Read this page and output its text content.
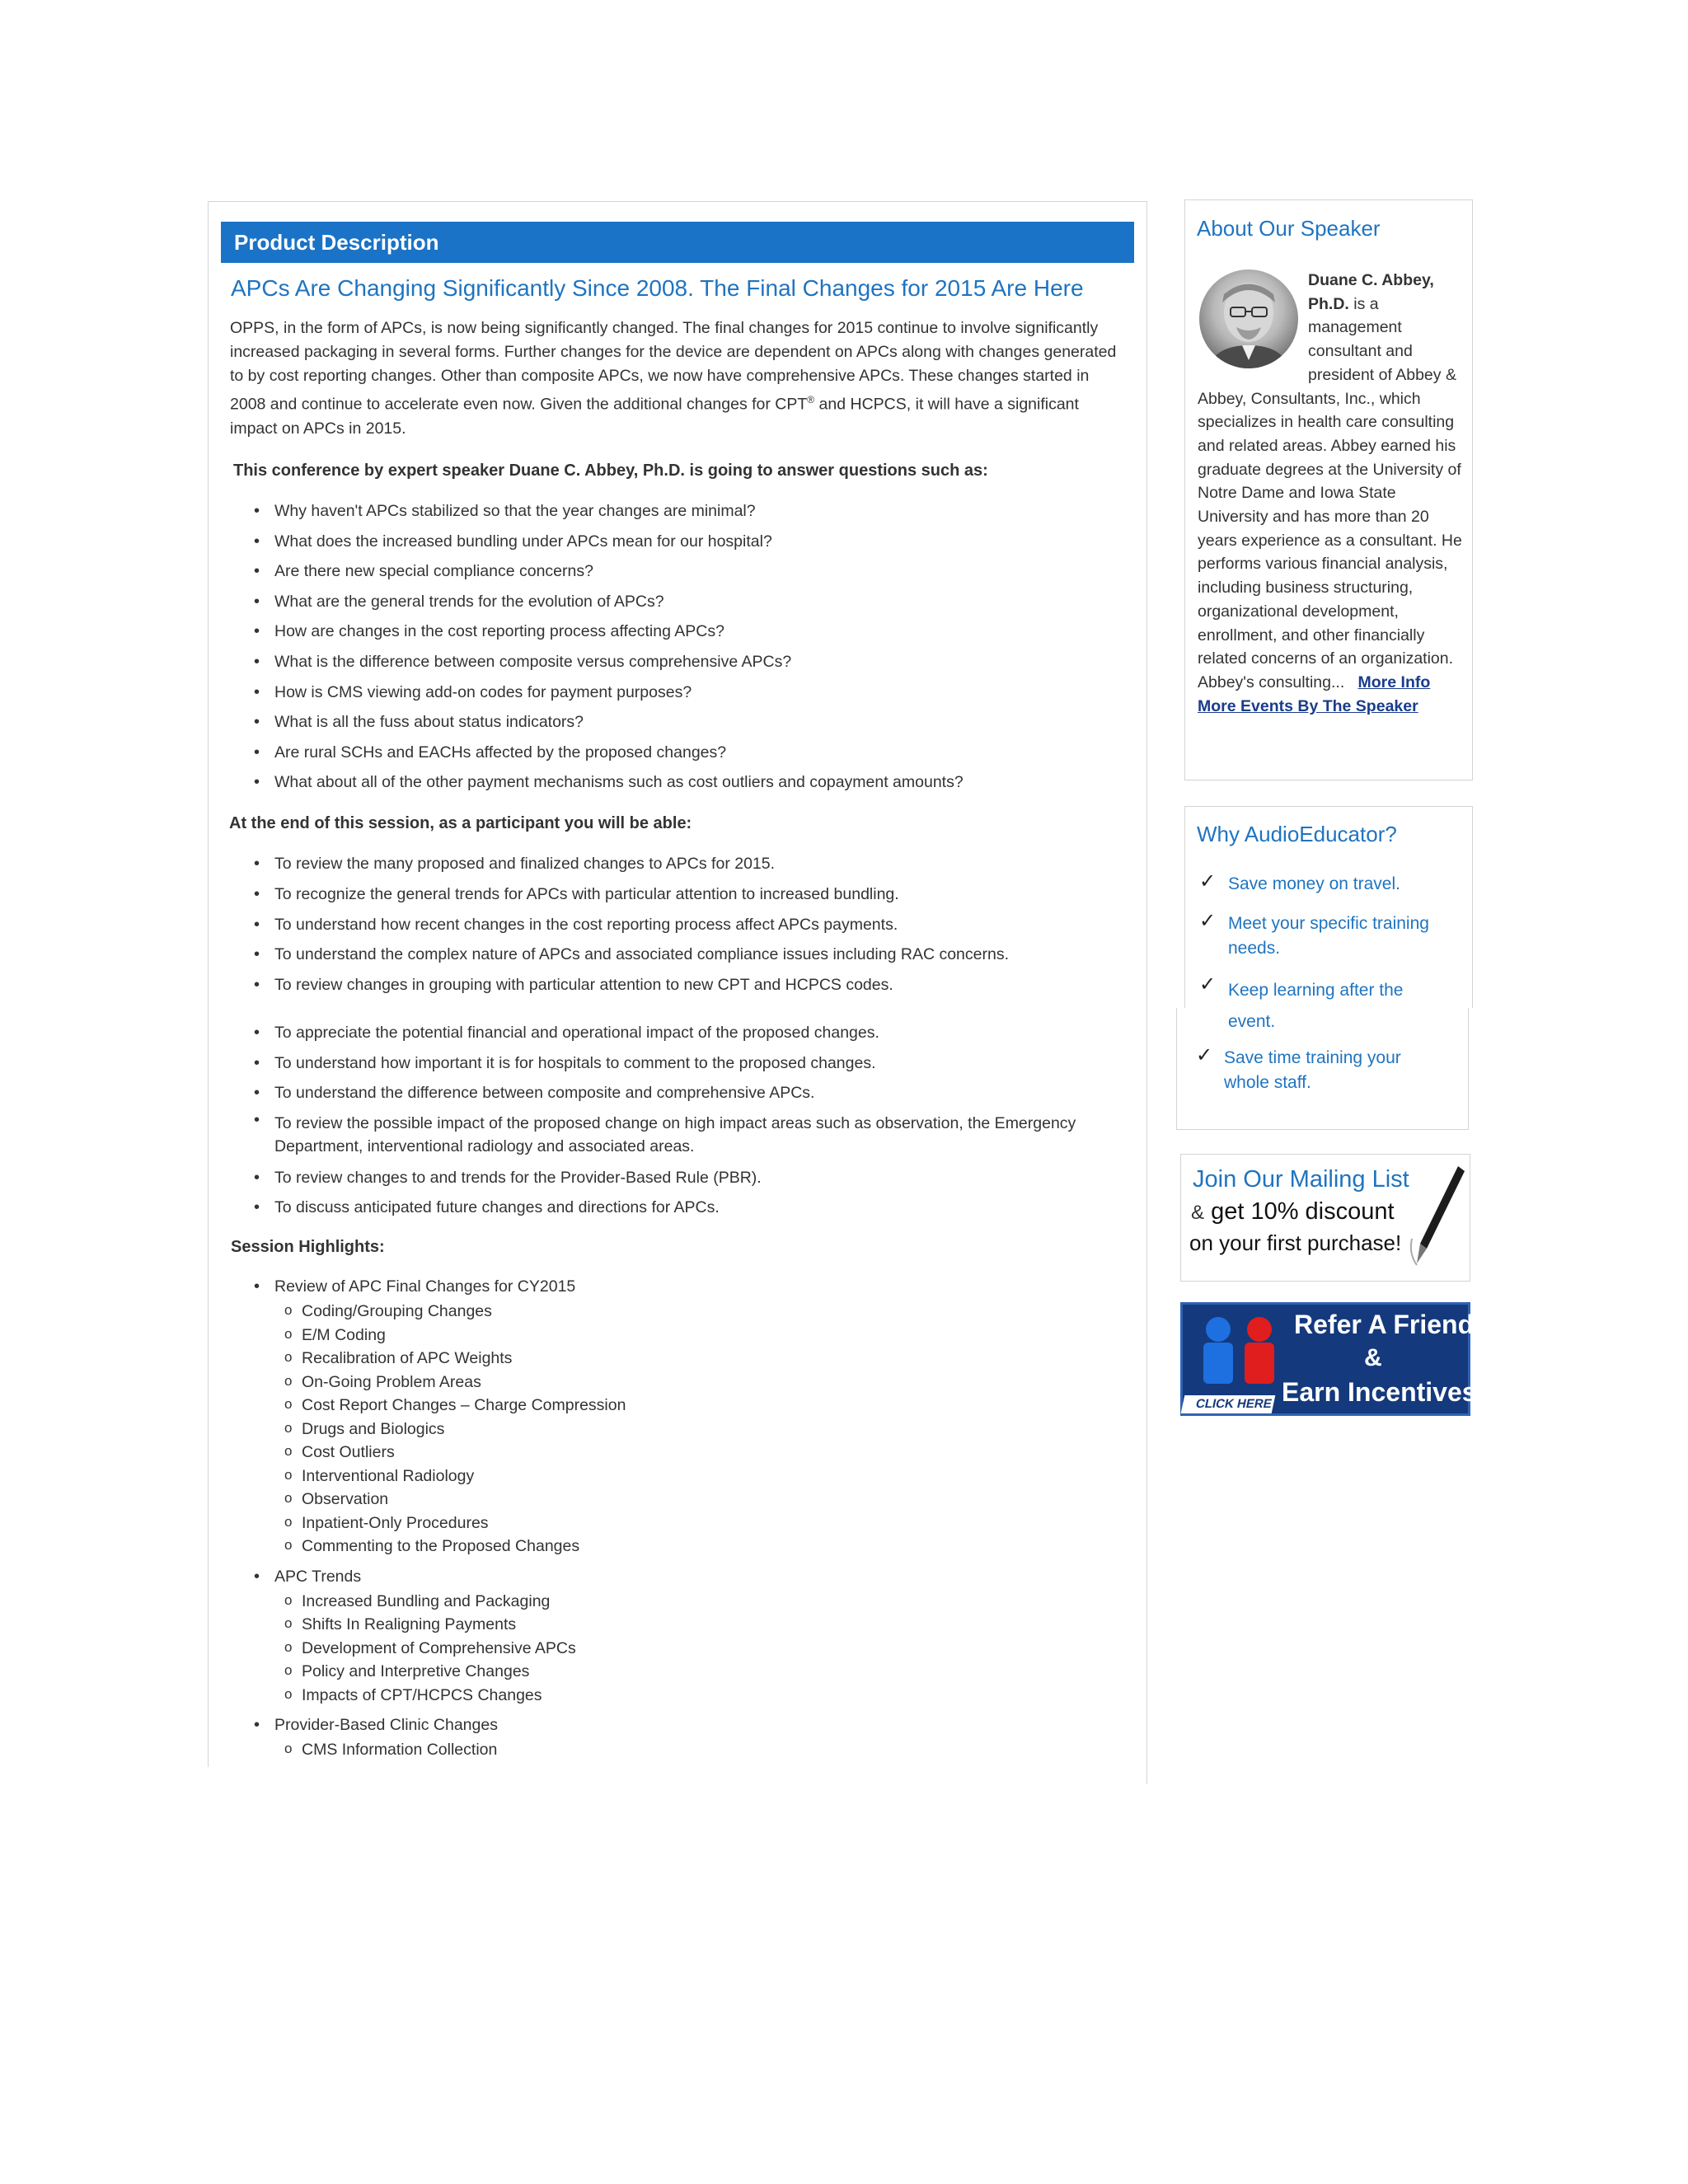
Product Description
APCs Are Changing Significantly Since 2008. The Final Changes for 2015 Are Here
OPPS, in the form of APCs, is now being significantly changed. The final changes for 2015 continue to involve significantly increased packaging in several forms. Further changes for the device are dependent on APCs along with changes generated to by cost reporting changes. Other than composite APCs, we now have comprehensive APCs. These changes started in 2008 and continue to accelerate even now. Given the additional changes for CPT® and HCPCS, it will have a significant impact on APCs in 2015.
This conference by expert speaker Duane C. Abbey, Ph.D. is going to answer questions such as:
• Why haven't APCs stabilized so that the year changes are minimal?
• What does the increased bundling under APCs mean for our hospital?
• Are there new special compliance concerns?
• What are the general trends for the evolution of APCs?
• How are changes in the cost reporting process affecting APCs?
• What is the difference between composite versus comprehensive APCs?
• How is CMS viewing add-on codes for payment purposes?
• What is all the fuss about status indicators?
• Are rural SCHs and EACHs affected by the proposed changes?
• What about all of the other payment mechanisms such as cost outliers and copayment amounts?
At the end of this session, as a participant you will be able:
• To review the many proposed and finalized changes to APCs for 2015.
• To recognize the general trends for APCs with particular attention to increased bundling.
• To understand how recent changes in the cost reporting process affect APCs payments.
• To understand the complex nature of APCs and associated compliance issues including RAC concerns.
• To review changes in grouping with particular attention to new CPT and HCPCS codes.
• To appreciate the potential financial and operational impact of the proposed changes.
• To understand how important it is for hospitals to comment to the proposed changes.
• To understand the difference between composite and comprehensive APCs.
• To review the possible impact of the proposed change on high impact areas such as observation, the Emergency Department, interventional radiology and associated areas.
• To review changes to and trends for the Provider-Based Rule (PBR).
• To discuss anticipated future changes and directions for APCs.
Session Highlights:
• Review of APC Final Changes for CY2015
o Coding/Grouping Changes
o E/M Coding
o Recalibration of APC Weights
o On-Going Problem Areas
o Cost Report Changes – Charge Compression
o Drugs and Biologics
o Cost Outliers
o Interventional Radiology
o Observation
o Inpatient-Only Procedures
o Commenting to the Proposed Changes
• APC Trends
o Increased Bundling and Packaging
o Shifts In Realigning Payments
o Development of Comprehensive APCs
o Policy and Interpretive Changes
o Impacts of CPT/HCPCS Changes
• Provider-Based Clinic Changes
o CMS Information Collection
About Our Speaker
Duane C. Abbey, Ph.D. is a management consultant and president of Abbey & Abbey, Consultants, Inc., which specializes in health care consulting and related areas. Abbey earned his graduate degrees at the University of Notre Dame and Iowa State University and has more than 20 years experience as a consultant. He performs various financial analysis, including business structuring, organizational development, enrollment, and other financially related concerns of an organization. Abbey's consulting... More Info
More Events By The Speaker
Why AudioEducator?
✓ Save money on travel.
✓ Meet your specific training needs.
✓ Keep learning after the event.
✓ Save time training your whole staff.
Join Our Mailing List
& get 10% discount
on your first purchase!
CLICK HERE
Refer A Friend
&
Earn Incentives!
